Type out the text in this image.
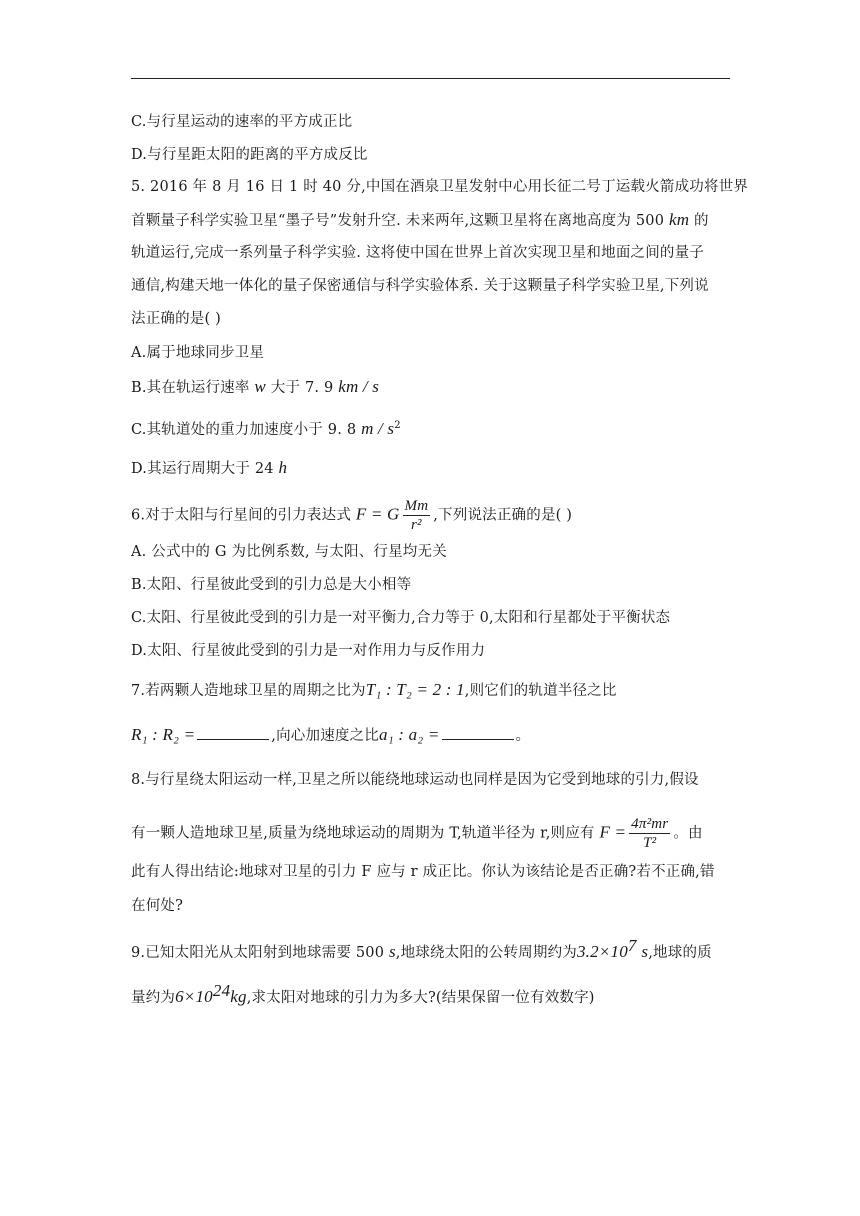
C.与行星运动的速率的平方成正比
D.与行星距太阳的距离的平方成反比
5. 2016 年 8 月 16 日 1 时 40 分,中国在酒泉卫星发射中心用长征二号丁运载火箭成功将世界
首颗量子科学实验卫星“墨子号”发射升空. 未来两年,这颗卫星将在离地高度为 500 km 的
轨道运行,完成一系列量子科学实验. 这将使中国在世界上首次实现卫星和地面之间的量子
通信,构建天地一体化的量子保密通信与科学实验体系. 关于这颗量子科学实验卫星,下列说
法正确的是( )
A.属于地球同步卫星
B.其在轨运行速率 w 大于 7. 9 km / s
C.其轨道处的重力加速度小于 9. 8 m / $s^2$
D.其运行周期大于 24 h
6.对于太阳与行星间的引力表达式 F = G $\frac{Mm}{\text{r²}}$ ,下列说法正确的是( )
A. 公式中的 G 为比例系数, 与太阳、行星均无关
B.太阳、行星彼此受到的引力总是大小相等
C.太阳、行星彼此受到的引力是一对平衡力,合力等于 0,太阳和行星都处于平衡状态
D.太阳、行星彼此受到的引力是一对作用力与反作用力
7.若两颗人造地球卫星的周期之比为T₁ : T₂ = 2 : 1,则它们的轨道半径之比
R₁ : R₂ =	,向心加速度之比a₁ : a₂ =	。
8.与行星绕太阳运动一样,卫星之所以能绕地球运动也同样是因为它受到地球的引力,假设
有一颗人造地球卫星,质量为绕地球运动的周期为 T,轨道半径为 r,则应有 $F = \frac{\text{4π²mr}}{\text{T²}}$ 。由
此有人得出结论:地球对卫星的引力 F 应与 r 成正比。你认为该结论是否正确?若不正确,错
在何处?
9.已知太阳光从太阳射到地球需要 500 s,地球绕太阳的公转周期约为$3.2\times 10^7$ s,地球的质
量约为$6\times 10^{24}kg$,求太阳对地球的引力为多大?(结果保留一位有效数字)
